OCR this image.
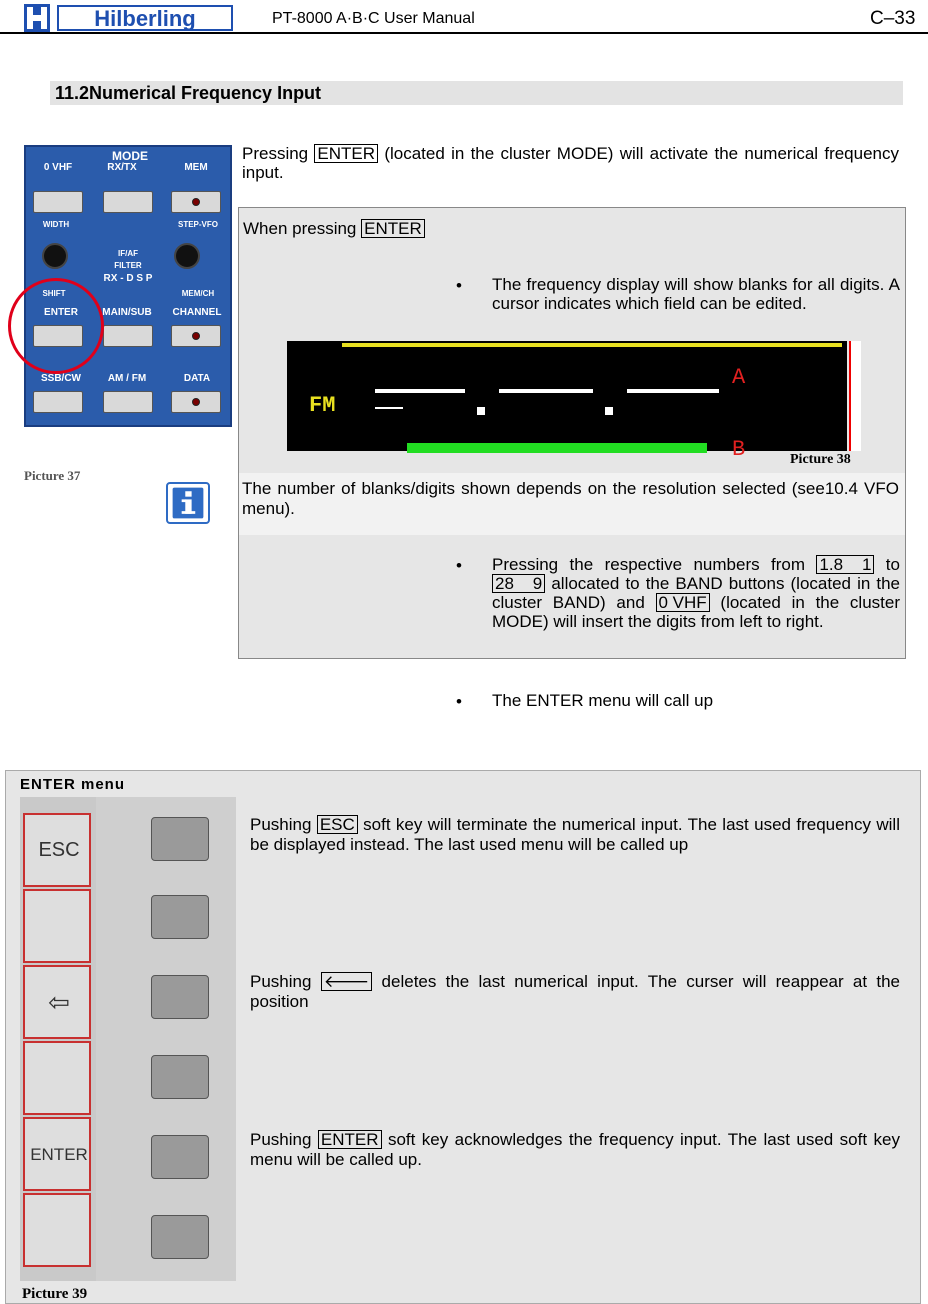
Hilberling	PT-8000 A·B·C User Manual	C–33
11.2 Numerical Frequency Input
MODE
0 VHF	RX/TX	MEM
WIDTH	STEP-VFO
IF/AF
FILTER
RX - D S P
SHIFT	MEM/CH
ENTER	MAIN/SUB	CHANNEL
SSB/CW	AM / FM	DATA
Picture 37
Pressing ENTER (located in the cluster MODE) will activate the numerical frequency input.
When pressing ENTER
• The frequency display will show blanks for all digits. A cursor indicates which field can be edited.
FM
A
B	Picture 38
The number of blanks/digits shown depends on the resolution selected (see10.4 VFO menu).
• Pressing the respective numbers from 1.8    1 to 28    9 allocated to the BAND buttons (located in the cluster BAND) and 0 VHF (located in the cluster MODE) will insert the digits from left to right.
• The ENTER menu will call up
ENTER menu
ESC
⇦
ENTER
Picture 39
Pushing ESC soft key will terminate the numerical input. The last used frequency will be displayed instead. The last used menu will be called up
Pushing 🡐 deletes the last numerical input. The curser will reappear at the position
Pushing ENTER soft key acknowledges the frequency input. The last used soft key menu will be called up.
